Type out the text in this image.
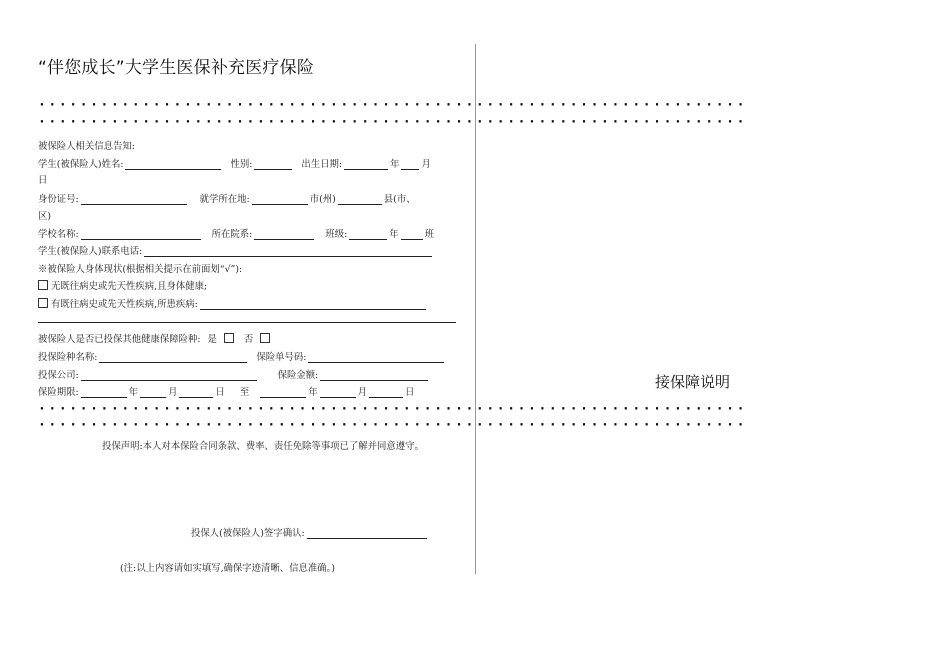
“伴您成长”大学生医保补充医疗保险
····································································
····································································
被保险人相关信息告知:
学生(被保险人)姓名:	性别:	出生日期:	年 月
日
身份证号:	就学所在地:	市(州)	县(市、
区)
学校名称:	所在院系:	班级:	年	班
学生(被保险人)联系电话:
※被保险人身体现状(根据相关提示在前面划“√”):
无既往病史或先天性疾病,且身体健康;
有既往病史或先天性疾病,所患疾病:
被保险人是否已投保其他健康保障险种: 是	否
投保险种名称:	保险单号码:
投保公司:	保险金额:
保险期限:	年	月	日 至	年	月	日
····································································
····································································
投保声明:本人对本保险合同条款、费率、责任免除等事项已了解并同意遵守。
投保人(被保险人)签字确认:
(注:以上内容请如实填写,确保字迹清晰、信息准确。)
接保障说明
